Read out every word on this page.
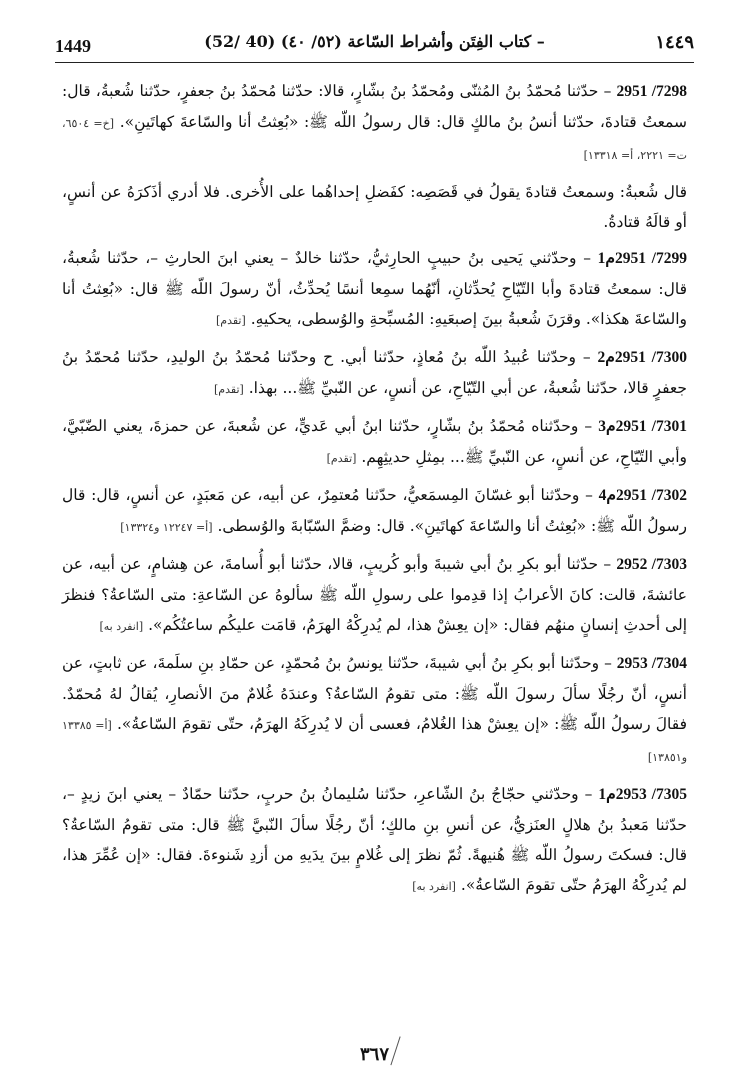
1449	– كتاب الفِتَن وأشراط السّاعة (٥٢/ ٤٠) (40 /52)	١٤٤٩

7298/ 2951 – حدّثنا مُحمّدُ بنُ المُثنّى ومُحمّدُ بنُ بشّارٍ، قالا: حدّثنا مُحمّدُ بنُ جعفرٍ، حدّثنا شُعبةُ، قال: سمعتُ قتادةَ، حدّثنا أنسُ بنُ مالكٍ قال: قال رسولُ اللّه ﷺ: «بُعِثتُ أنا والسّاعةَ كهاتَينِ». [خ= ٦٥٠٤، ت= ٢٢٢١، أ= ١٣٣١٨]

قال شُعبةُ: وسمعتُ قتادةَ يقولُ في قَصَصِه: كفَضلِ إحداهُما على الأُخرى. فلا أدري أذَكرَهُ عن أنسٍ، أو قالَهُ قتادةُ.

7299/ 2951م1 – وحدّثني يَحيى بنُ حبيبٍ الحارِثيُّ، حدّثنا خالدٌ – يعني ابنَ الحارثِ –، حدّثنا شُعبةُ، قال: سمعتُ قتادةَ وأبا التّيّاحِ يُحدِّثانِ، أنّهُما سمِعا أنسًا يُحدِّثُ، أنّ رسولَ اللّه ﷺ قال: «بُعِثتُ أنا والسّاعةَ هكذا». وقرَنَ شُعبةُ بينَ إصبعَيهِ: المُسبِّحةِ والوُسطى، يحكيهِ. [تقدم]

7300/ 2951م2 – وحدّثنا عُبيدُ اللّه بنُ مُعاذٍ، حدّثنا أبي. ح وحدّثنا مُحمّدُ بنُ الوليدِ، حدّثنا مُحمّدُ بنُ جعفرٍ قالا، حدّثنا شُعبةُ، عن أبي التّيّاحِ، عن أنسٍ، عن النّبيِّ ﷺ... بهذا. [تقدم]

7301/ 2951م3 – وحدّثناه مُحمّدُ بنُ بشّارٍ، حدّثنا ابنُ أبي عَديٍّ، عن شُعبةَ، عن حمزةَ، يعني الضّبّيَّ، وأبي التّيّاحِ، عن أنسٍ، عن النّبيِّ ﷺ... بمِثلِ حديثِهِم. [تقدم]

7302/ 2951م4 – وحدّثنا أبو غسّانَ المِسمَعيُّ، حدّثنا مُعتمِرٌ، عن أبيه، عن مَعبَدٍ، عن أنسٍ، قال: قال رسولُ اللّه ﷺ: «بُعِثتُ أنا والسّاعةَ كهاتَينِ». قال: وضمَّ السّبّابةَ والوُسطى. [أ= ١٢٢٤٧ و١٣٣٢٤]

7303/ 2952 – حدّثنا أبو بكرِ بنُ أبي شيبةَ وأبو كُريبٍ، قالا، حدّثنا أبو أُسامةَ، عن هِشامٍ، عن أبيه، عن عائشةَ، قالت: كانَ الأعرابُ إذا قدِموا على رسولِ اللّه ﷺ سألوهُ عن السّاعةِ: متى السّاعةُ؟ فنظرَ إلى أحدثِ إنسانٍ منهُم فقال: «إن يعِشْ هذا، لم يُدرِكْهُ الهرَمُ، قامَت عليكُم ساعتُكُم». [انفرد به]

7304/ 2953 – وحدّثنا أبو بكرِ بنُ أبي شيبةَ، حدّثنا يونسُ بنُ مُحمّدٍ، عن حمّادِ بنِ سلَمةَ، عن ثابتٍ، عن أنسٍ، أنّ رجُلًا سألَ رسولَ اللّه ﷺ: متى تقومُ السّاعةُ؟ وعندَهُ غُلامٌ منَ الأنصارِ، يُقالُ لهُ مُحمّدٌ. فقالَ رسولُ اللّه ﷺ: «إن يعِشْ هذا الغُلامُ، فعسى أن لا يُدرِكَهُ الهرَمُ، حتّى تقومَ السّاعةُ». [أ= ١٣٣٨٥ و١٣٨٥١]

7305/ 2953م1 – وحدّثني حجّاجُ بنُ الشّاعرِ، حدّثنا سُليمانُ بنُ حربٍ، حدّثنا حمّادٌ – يعني ابنَ زيدٍ –، حدّثنا مَعبدُ بنُ هلالٍ العنَزيُّ، عن أنسِ بنِ مالكٍ؛ أنّ رجُلًا سألَ النّبيَّ ﷺ قال: متى تقومُ السّاعةُ؟ قال: فسكتَ رسولُ اللّه ﷺ هُنيهةً. ثُمّ نظرَ إلى غُلامٍ بينَ يدَيهِ من أزدِ شَنوءةَ. فقال: «إن عُمِّرَ هذا، لم يُدرِكْهُ الهرَمُ حتّى تقومَ السّاعةُ». [انفرد به]

٣٦٧
